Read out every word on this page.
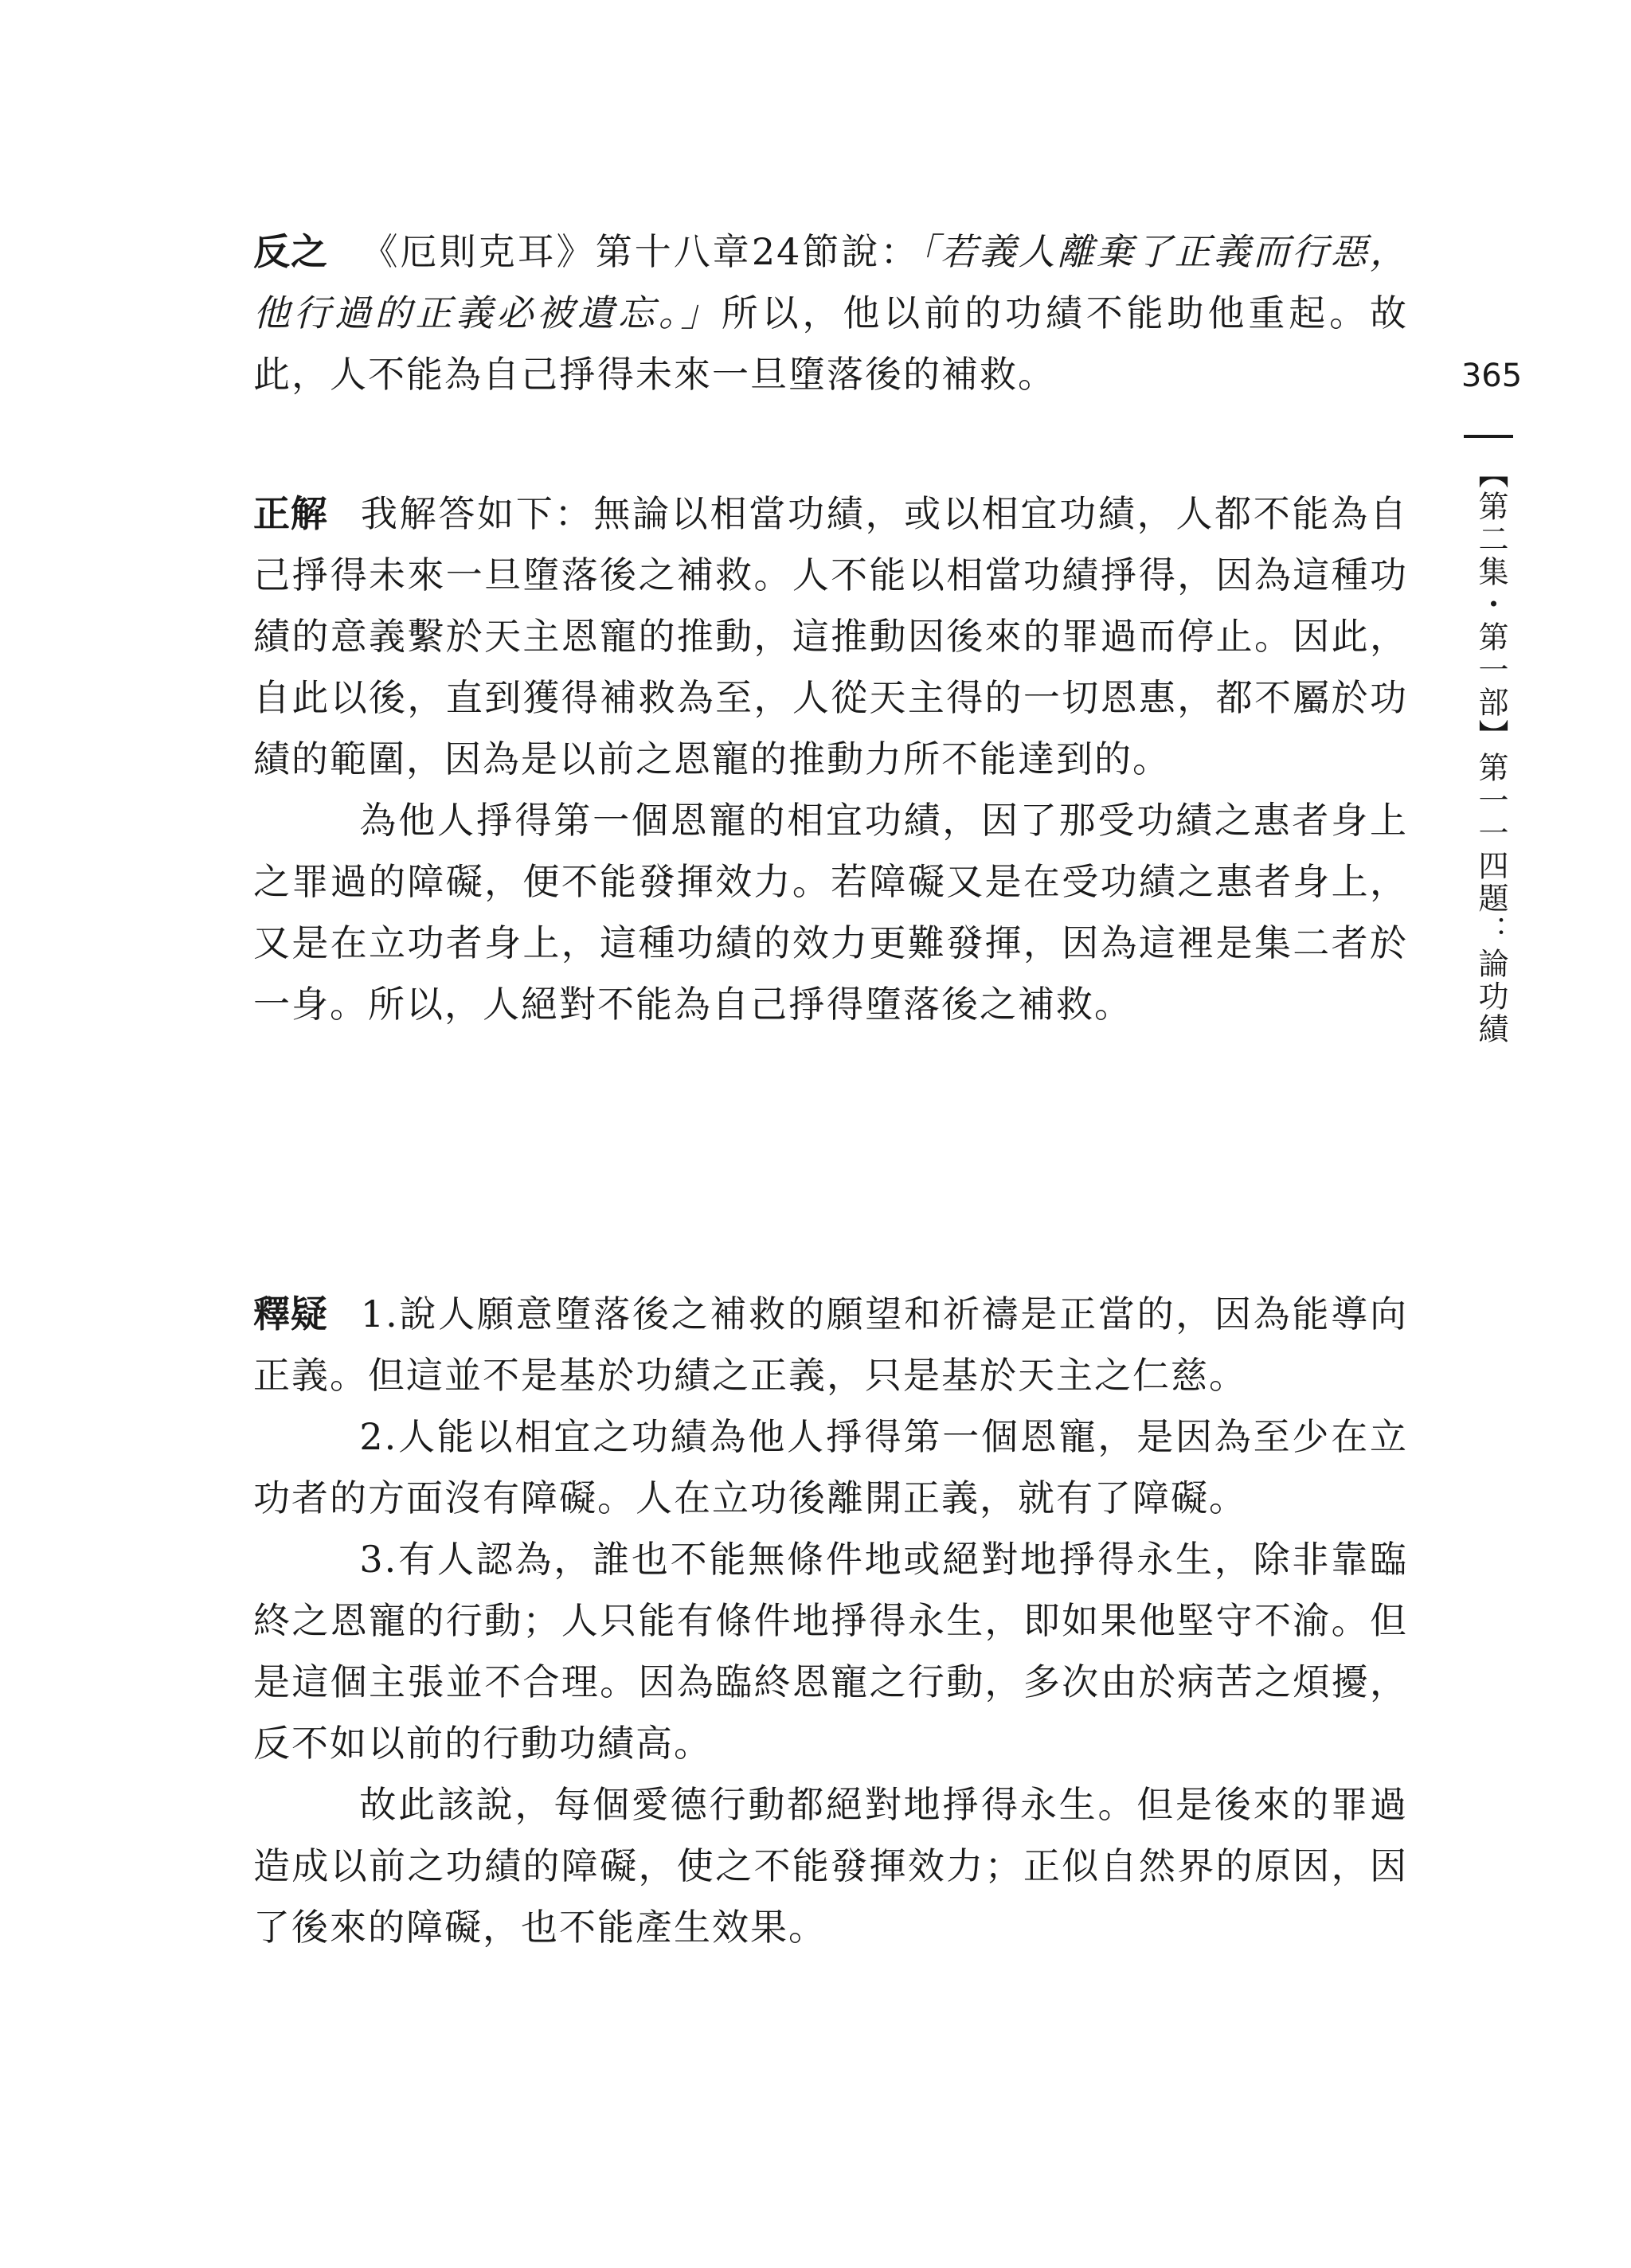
365
【第二集・第一部】第一一四題：論功績

反之 《厄則克耳》第十八章24節說：「若義人離棄了正義而行惡，他行過的正義必被遺忘。」所以，他以前的功績不能助他重起。故此，人不能為自己掙得未來一旦墮落後的補救。

正解 我解答如下：無論以相當功績，或以相宜功績，人都不能為自己掙得未來一旦墮落後之補救。人不能以相當功績掙得，因為這種功績的意義繫於天主恩寵的推動，這推動因後來的罪過而停止。因此，自此以後，直到獲得補救為至，人從天主得的一切恩惠，都不屬於功績的範圍，因為是以前之恩寵的推動力所不能達到的。

為他人掙得第一個恩寵的相宜功績，因了那受功績之惠者身上之罪過的障礙，便不能發揮效力。若障礙又是在受功績之惠者身上，又是在立功者身上，這種功績的效力更難發揮，因為這裡是集二者於一身。所以，人絕對不能為自己掙得墮落後之補救。

釋疑 1.說人願意墮落後之補救的願望和祈禱是正當的，因為能導向正義。但這並不是基於功績之正義，只是基於天主之仁慈。

2.人能以相宜之功績為他人掙得第一個恩寵，是因為至少在立功者的方面沒有障礙。人在立功後離開正義，就有了障礙。

3.有人認為，誰也不能無條件地或絕對地掙得永生，除非靠臨終之恩寵的行動；人只能有條件地掙得永生，即如果他堅守不渝。但是這個主張並不合理。因為臨終恩寵之行動，多次由於病苦之煩擾，反不如以前的行動功績高。

故此該說，每個愛德行動都絕對地掙得永生。但是後來的罪過造成以前之功績的障礙，使之不能發揮效力；正似自然界的原因，因了後來的障礙，也不能產生效果。
